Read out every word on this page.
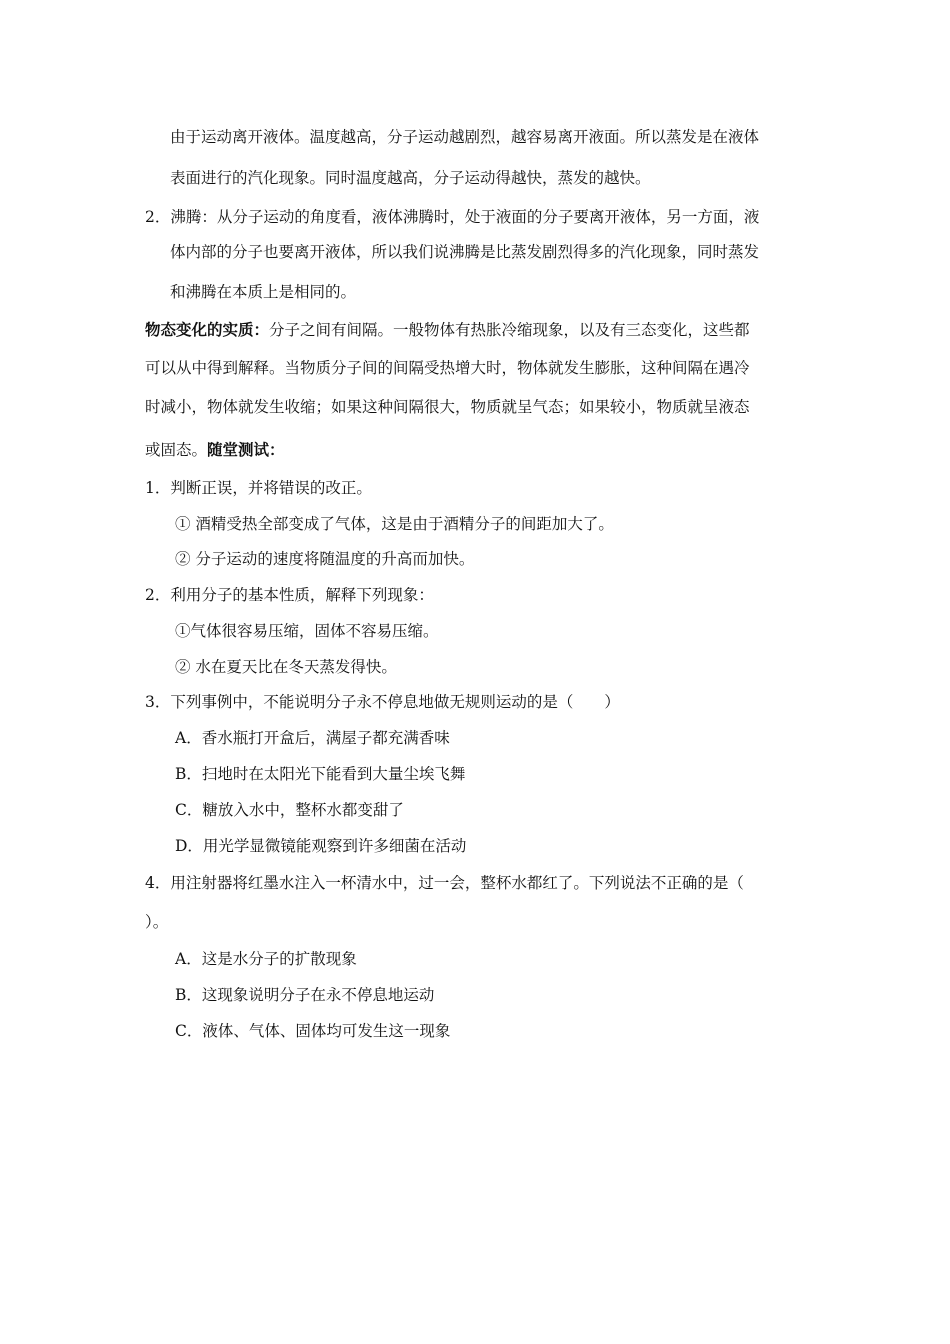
由于运动离开液体。温度越高，分子运动越剧烈，越容易离开液面。所以蒸发是在液体
表面进行的汽化现象。同时温度越高，分子运动得越快，蒸发的越快。
2．沸腾：从分子运动的角度看，液体沸腾时，处于液面的分子要离开液体，另一方面，液
体内部的分子也要离开液体，所以我们说沸腾是比蒸发剧烈得多的汽化现象，同时蒸发
和沸腾在本质上是相同的。
物态变化的实质：分子之间有间隔。一般物体有热胀冷缩现象，以及有三态变化，这些都
可以从中得到解释。当物质分子间的间隔受热增大时，物体就发生膨胀，这种间隔在遇冷
时减小，物体就发生收缩；如果这种间隔很大，物质就呈气态；如果较小，物质就呈液态
或固态。随堂测试：
1．判断正误，并将错误的改正。
① 酒精受热全部变成了气体，这是由于酒精分子的间距加大了。
② 分子运动的速度将随温度的升高而加快。
2．利用分子的基本性质，解释下列现象：
①气体很容易压缩，固体不容易压缩。
② 水在夏天比在冬天蒸发得快。
3．下列事例中，不能说明分子永不停息地做无规则运动的是（　　）
A．香水瓶打开盒后，满屋子都充满香味
B．扫地时在太阳光下能看到大量尘埃飞舞
C．糖放入水中，整杯水都变甜了
D．用光学显微镜能观察到许多细菌在活动
4．用注射器将红墨水注入一杯清水中，过一会，整杯水都红了。下列说法不正确的是（
）。
A．这是水分子的扩散现象
B．这现象说明分子在永不停息地运动
C．液体、气体、固体均可发生这一现象
